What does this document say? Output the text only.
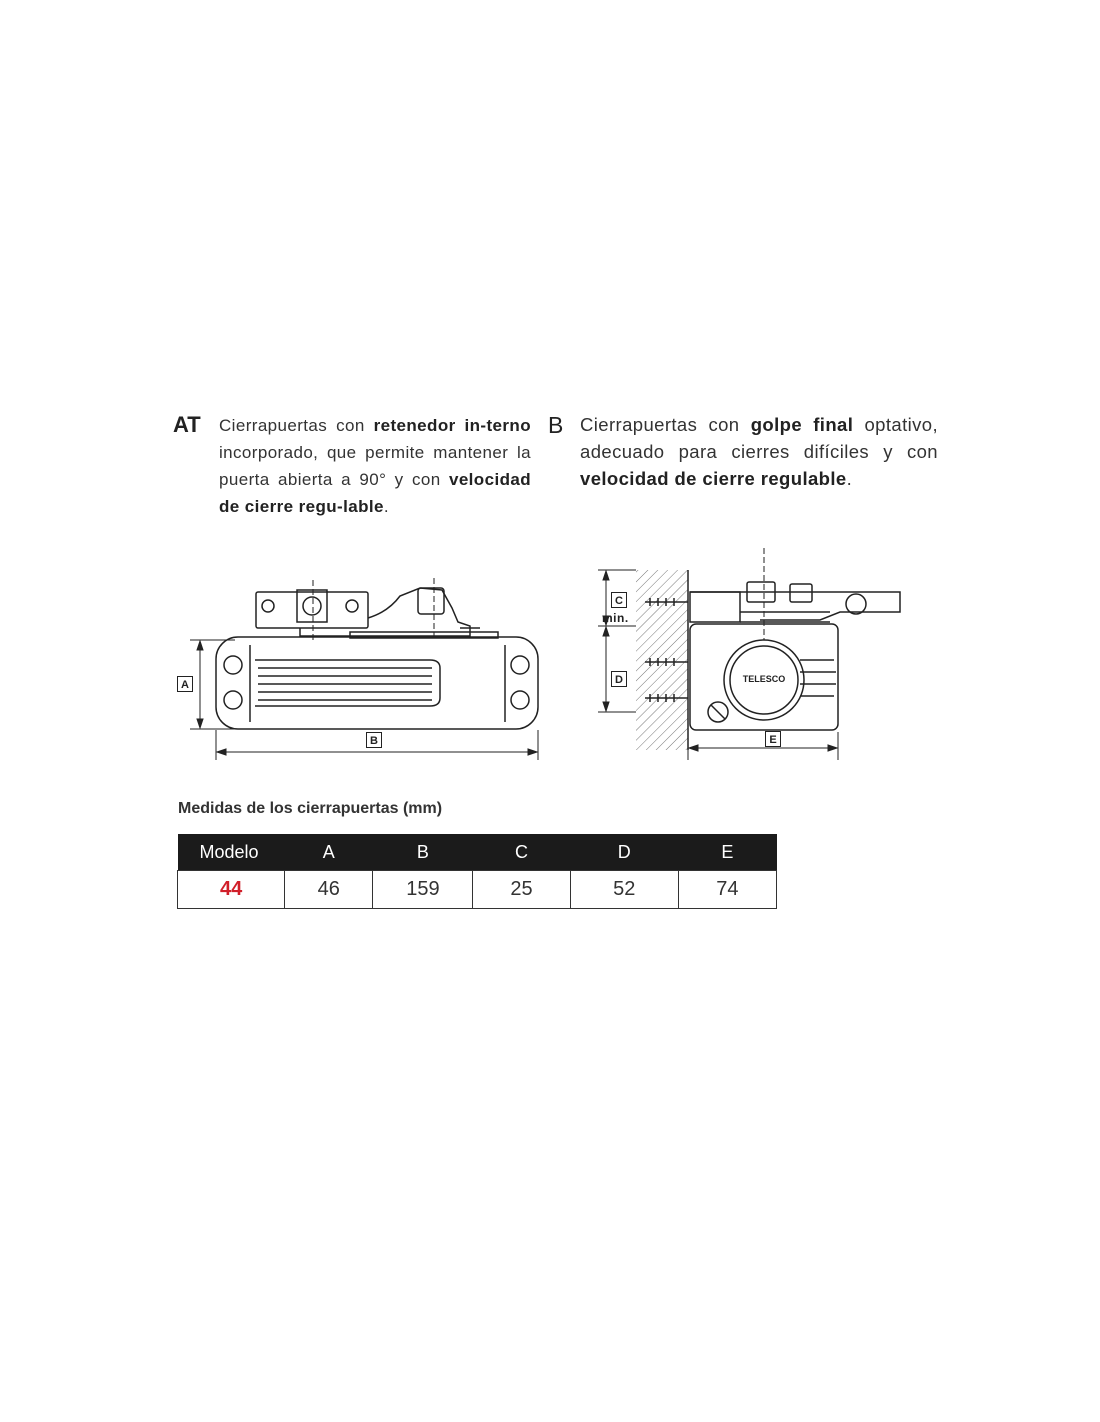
AT Cierrapuertas con retenedor in-terno incorporado, que permite mantener la puerta abierta a 90° y con velocidad de cierre regu-lable.
B Cierrapuertas con golpe final optativo, adecuado para cierres difíciles y con velocidad de cierre regulable.
A
B
C
min.
D
E
TELESCO
Medidas de los cierrapuertas (mm)
Modelo	A	B	C	D	E
44	46	159	25	52	74
